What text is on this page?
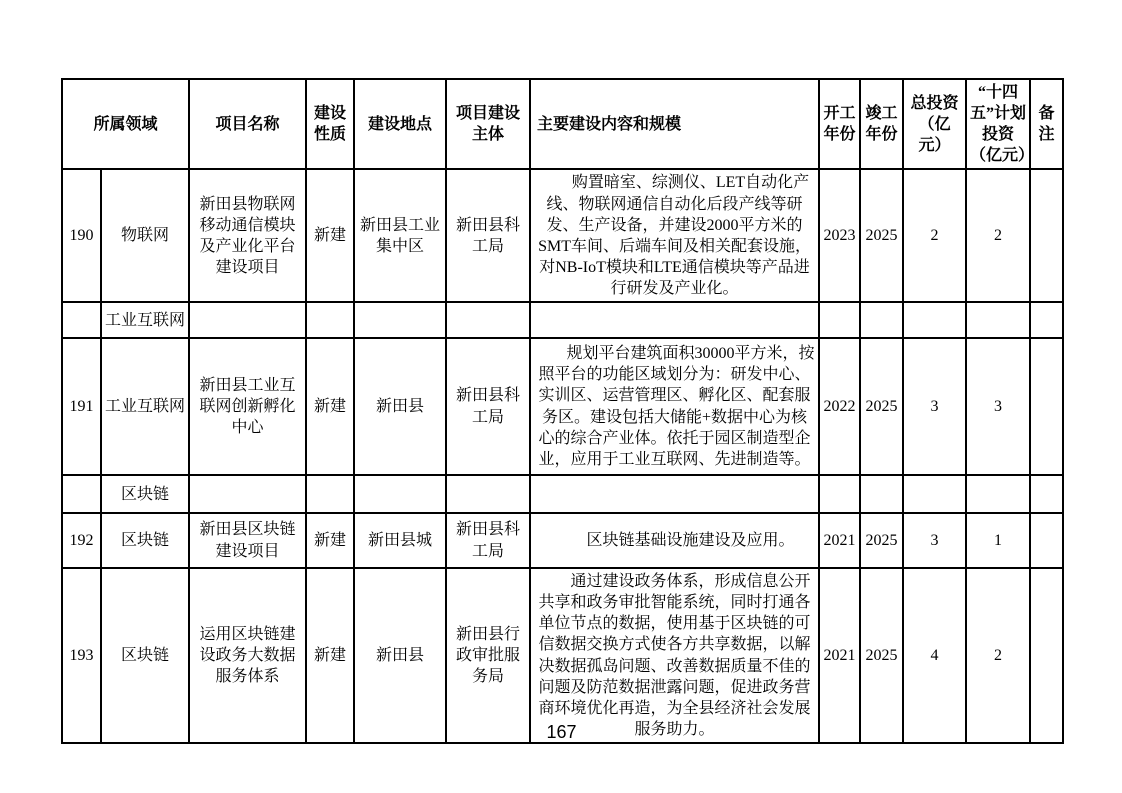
所属领域		项目名称	建设性质	建设地点	项目建设主体	主要建设内容和规模	开工年份	竣工年份	总投资（亿元）	“十四五”计划投资（亿元）	备注
190	物联网	新田县物联网移动通信模块及产业化平台建设项目	新建	新田县工业集中区	新田县科工局	购置暗室、综测仪、LET自动化产线、物联网通信自动化后段产线等研发、生产设备，并建设2000平方米的SMT车间、后端车间及相关配套设施，对NB-IoT模块和LTE通信模块等产品进行研发及产业化。	2023	2025	2	2	
	工业互联网										
191	工业互联网	新田县工业互联网创新孵化中心	新建	新田县	新田县科工局	规划平台建筑面积30000平方米，按照平台的功能区域划分为：研发中心、实训区、运营管理区、孵化区、配套服务区。建设包括大储能+数据中心为核心的综合产业体。依托于园区制造型企业，应用于工业互联网、先进制造等。	2022	2025	3	3	
	区块链										
192	区块链	新田县区块链建设项目	新建	新田县城	新田县科工局	区块链基础设施建设及应用。	2021	2025	3	1	
193	区块链	运用区块链建设政务大数据服务体系	新建	新田县	新田县行政审批服务局	通过建设政务体系，形成信息公开共享和政务审批智能系统，同时打通各单位节点的数据，使用基于区块链的可信数据交换方式使各方共享数据，以解决数据孤岛问题、改善数据质量不佳的问题及防范数据泄露问题，促进政务营商环境优化再造，为全县经济社会发展服务助力。	2021	2025	4	2	
167
